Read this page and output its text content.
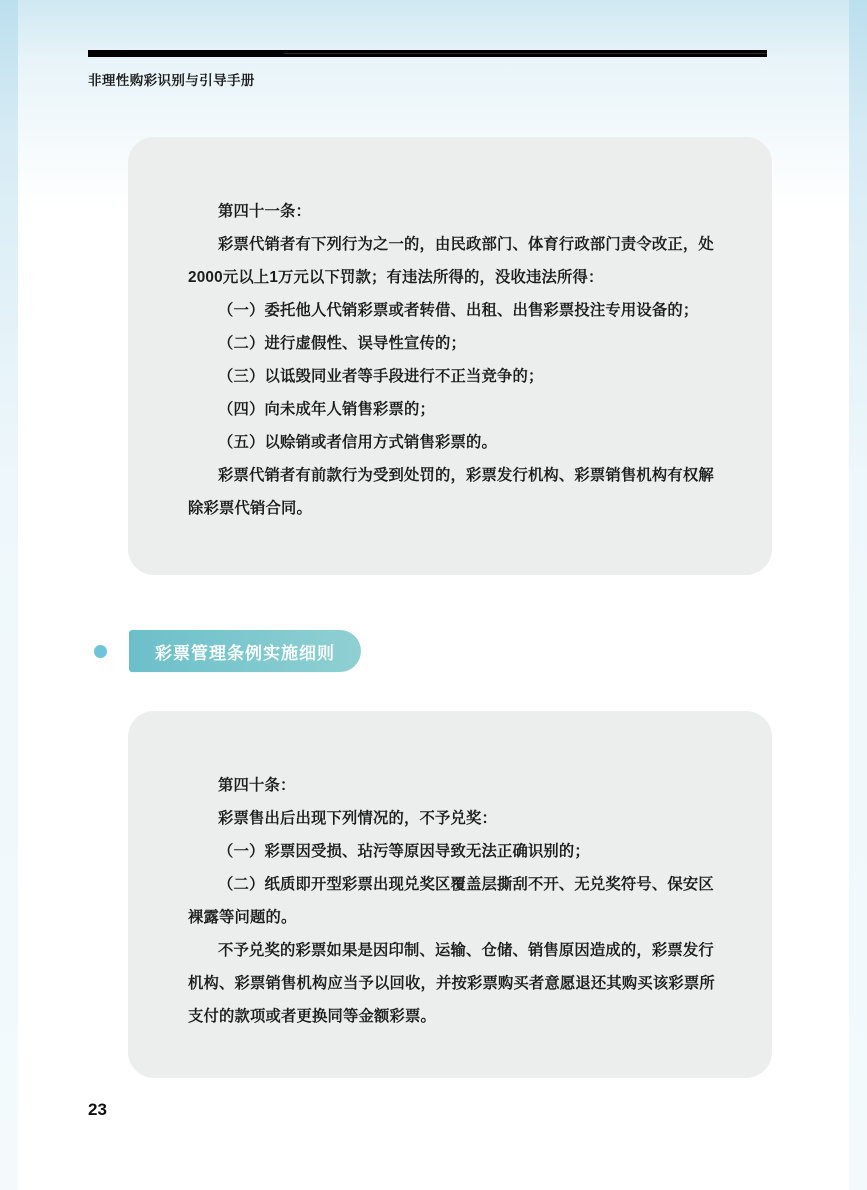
非理性购彩识别与引导手册

第四十一条：

彩票代销者有下列行为之一的，由民政部门、体育行政部门责令改正，处2000元以上1万元以下罚款；有违法所得的，没收违法所得：

（一）委托他人代销彩票或者转借、出租、出售彩票投注专用设备的；

（二）进行虚假性、误导性宣传的；

（三）以诋毁同业者等手段进行不正当竞争的；

（四）向未成年人销售彩票的；

（五）以赊销或者信用方式销售彩票的。

彩票代销者有前款行为受到处罚的，彩票发行机构、彩票销售机构有权解除彩票代销合同。

彩票管理条例实施细则

第四十条：

彩票售出后出现下列情况的，不予兑奖：

（一）彩票因受损、玷污等原因导致无法正确识别的；

（二）纸质即开型彩票出现兑奖区覆盖层撕刮不开、无兑奖符号、保安区裸露等问题的。

不予兑奖的彩票如果是因印制、运输、仓储、销售原因造成的，彩票发行机构、彩票销售机构应当予以回收，并按彩票购买者意愿退还其购买该彩票所支付的款项或者更换同等金额彩票。

23
